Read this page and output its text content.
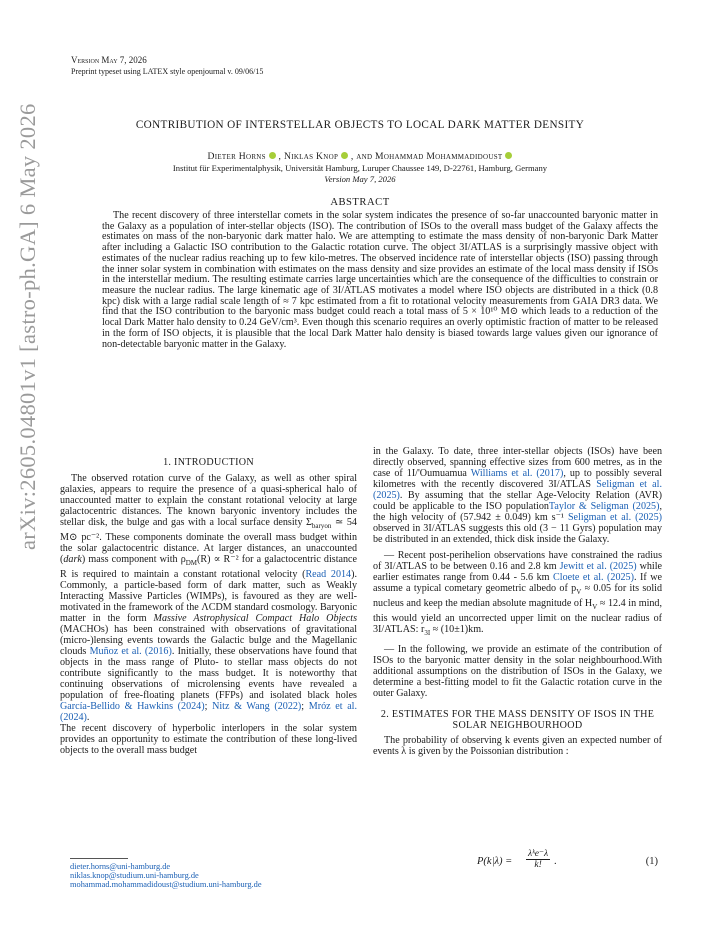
arXiv:2605.04801v1 [astro-ph.GA] 6 May 2026
Version May 7, 2026
Preprint typeset using LATEX style openjournal v. 09/06/15
CONTRIBUTION OF INTERSTELLAR OBJECTS TO LOCAL DARK MATTER DENSITY
Dieter Horns , Niklas Knop , and Mohammad Mohammadidoust
Institut für Experimentalphysik, Universität Hamburg, Luruper Chaussee 149, D-22761, Hamburg, Germany
Version May 7, 2026
ABSTRACT
The recent discovery of three interstellar comets in the solar system indicates the presence of so-far unaccounted baryonic matter in the Galaxy as a population of inter-stellar objects (ISO). The contribution of ISOs to the overall mass budget of the Galaxy affects the estimates on mass of the non-baryonic dark matter halo. We are attempting to estimate the mass density of non-baryonic Dark Matter after including a Galactic ISO contribution to the Galactic rotation curve. The object 3I/ATLAS is a surprisingly massive object with estimates of the nuclear radius reaching up to few kilo-metres. The observed incidence rate of interstellar objects (ISO) passing through the inner solar system in combination with estimates on the mass density and size provides an estimate of the local mass density if ISOs in the interstellar medium. The resulting estimate carries large uncertainties which are the consequence of the difficulties to constrain or measure the nuclear radius. The large kinematic age of 3I/ATLAS motivates a model where ISO objects are distributed in a thick (0.8 kpc) disk with a large radial scale length of ≈ 7 kpc estimated from a fit to rotational velocity measurements from GAIA DR3 data. We find that the ISO contribution to the baryonic mass budget could reach a total mass of 5 × 10¹⁰ M⊙ which leads to a reduction of the local Dark Matter halo density to 0.24 GeV/cm³. Even though this scenario requires an overly optimistic fraction of matter to be released in the form of ISO objects, it is plausible that the local Dark Matter halo density is biased towards large values given our ignorance of non-detectable baryonic matter in the Galaxy.
1. INTRODUCTION
The observed rotation curve of the Galaxy, as well as other spiral galaxies, appears to require the presence of a quasi-spherical halo of unaccounted matter to explain the constant rotational velocity at large galactocentric distances. The known baryonic inventory includes the stellar disk, the bulge and gas with a local surface density $\Sigma_{baryon}$ ≃ 54 M⊙ pc⁻². These components dominate the overall mass budget within the solar galactocentric distance. At larger distances, an unaccounted (dark) mass component with $\rho_{DM}(R) \propto R^{-2}$ for a galactocentric distance R is required to maintain a constant rotational velocity (Read 2014). Commonly, a particle-based form of dark matter, such as Weakly Interacting Massive Particles (WIMPs), is favoured as they are well-motivated in the framework of the ΛCDM standard cosmology. Baryonic matter in the form Massive Astrophysical Compact Halo Objects (MACHOs) has been constrained with observations of gravitational (micro-)lensing events towards the Galactic bulge and the Magellanic clouds Muñoz et al. (2016). Initially, these observations have found that objects in the mass range of Pluto- to stellar mass objects do not contribute significantly to the mass budget. It is noteworthy that continuing observations of microlensing events have revealed a population of free-floating planets (FFPs) and isolated black holes García-Bellido & Hawkins (2024); Nitz & Wang (2022); Mróz et al. (2024).
The recent discovery of hyperbolic interlopers in the solar system provides an opportunity to estimate the contribution of these long-lived objects to the overall mass budget
dieter.horns@uni-hamburg.de
niklas.knop@studium.uni-hamburg.de
mohammad.mohammadidoust@studium.uni-hamburg.de
in the Galaxy. To date, three inter-stellar objects (ISOs) have been directly observed, spanning effective sizes from 600 metres, as in the case of 1I/'Oumuamua Williams et al. (2017), up to possibly several kilometres with the recently discovered 3I/ATLAS Seligman et al. (2025). By assuming that the stellar Age-Velocity Relation (AVR) could be applicable to the ISO populationTaylor & Seligman (2025), the high velocity of (57.942 ± 0.049) km s⁻¹ Seligman et al. (2025) observed in 3I/ATLAS suggests this old (3 − 11 Gyrs) population may be distributed in an extended, thick disk inside the Galaxy.
— Recent post-perihelion observations have constrained the radius of 3I/ATLAS to be between 0.16 and 2.8 km Jewitt et al. (2025) while earlier estimates range from 0.44 - 5.6 km Cloete et al. (2025). If we assume a typical cometary geometric albedo of $p_V \approx 0.05$ for its solid nucleus and keep the median absolute magnitude of $H_V \approx 12.4$ in mind, this would yield an uncorrected upper limit on the nuclear radius of 3I/ATLAS: $r_{3I} \approx (10\pm 1)km$.
— In the following, we provide an estimate of the contribution of ISOs to the baryonic matter density in the solar neighbourhood.With additional assumptions on the distribution of ISOs in the Galaxy, we determine a best-fitting model to fit the Galactic rotation curve in the outer Galaxy.
2. ESTIMATES FOR THE MASS DENSITY OF ISOS IN THE SOLAR NEIGHBOURHOOD
The probability of observing k events given an expected number of events λ is given by the Poissonian distribution :
P(k|λ) =
λᵏe⁻λ
k!	.	(1)
